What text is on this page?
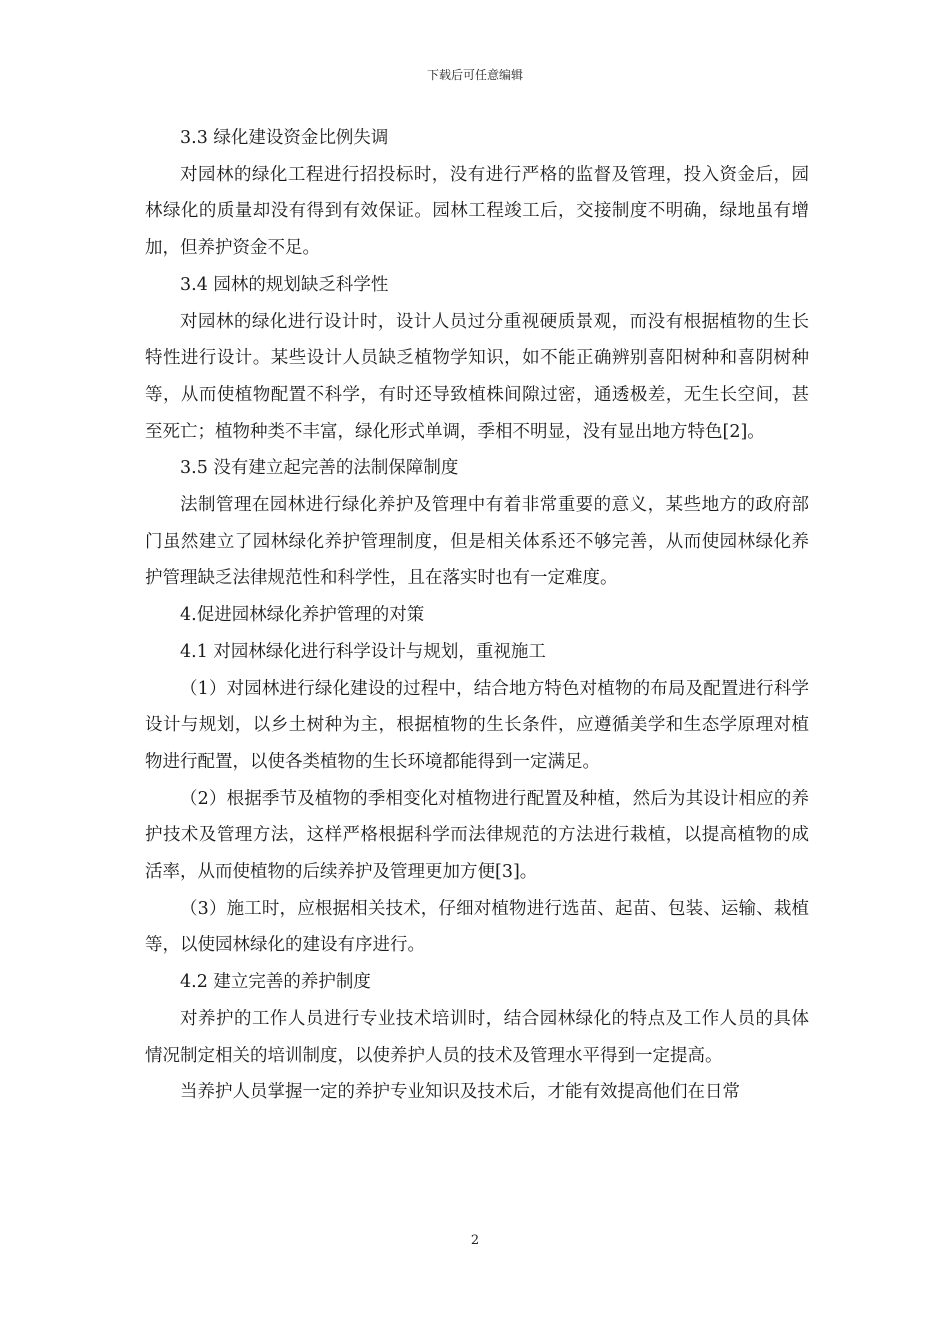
下载后可任意编辑

3.3 绿化建设资金比例失调

对园林的绿化工程进行招投标时，没有进行严格的监督及管理，投入资金后，园林绿化的质量却没有得到有效保证。园林工程竣工后，交接制度不明确，绿地虽有增加，但养护资金不足。

3.4 园林的规划缺乏科学性

对园林的绿化进行设计时，设计人员过分重视硬质景观，而没有根据植物的生长特性进行设计。某些设计人员缺乏植物学知识，如不能正确辨别喜阳树种和喜阴树种等，从而使植物配置不科学，有时还导致植株间隙过密，通透极差，无生长空间，甚至死亡；植物种类不丰富，绿化形式单调，季相不明显，没有显出地方特色[2]。

3.5 没有建立起完善的法制保障制度

法制管理在园林进行绿化养护及管理中有着非常重要的意义，某些地方的政府部门虽然建立了园林绿化养护管理制度，但是相关体系还不够完善，从而使园林绿化养护管理缺乏法律规范性和科学性，且在落实时也有一定难度。

4.促进园林绿化养护管理的对策

4.1 对园林绿化进行科学设计与规划，重视施工

（1）对园林进行绿化建设的过程中，结合地方特色对植物的布局及配置进行科学设计与规划，以乡土树种为主，根据植物的生长条件，应遵循美学和生态学原理对植物进行配置，以使各类植物的生长环境都能得到一定满足。

（2）根据季节及植物的季相变化对植物进行配置及种植，然后为其设计相应的养护技术及管理方法，这样严格根据科学而法律规范的方法进行栽植，以提高植物的成活率，从而使植物的后续养护及管理更加方便[3]。

（3）施工时，应根据相关技术，仔细对植物进行选苗、起苗、包装、运输、栽植等，以使园林绿化的建设有序进行。

4.2 建立完善的养护制度

对养护的工作人员进行专业技术培训时，结合园林绿化的特点及工作人员的具体情况制定相关的培训制度，以使养护人员的技术及管理水平得到一定提高。

当养护人员掌握一定的养护专业知识及技术后，才能有效提高他们在日常

2
